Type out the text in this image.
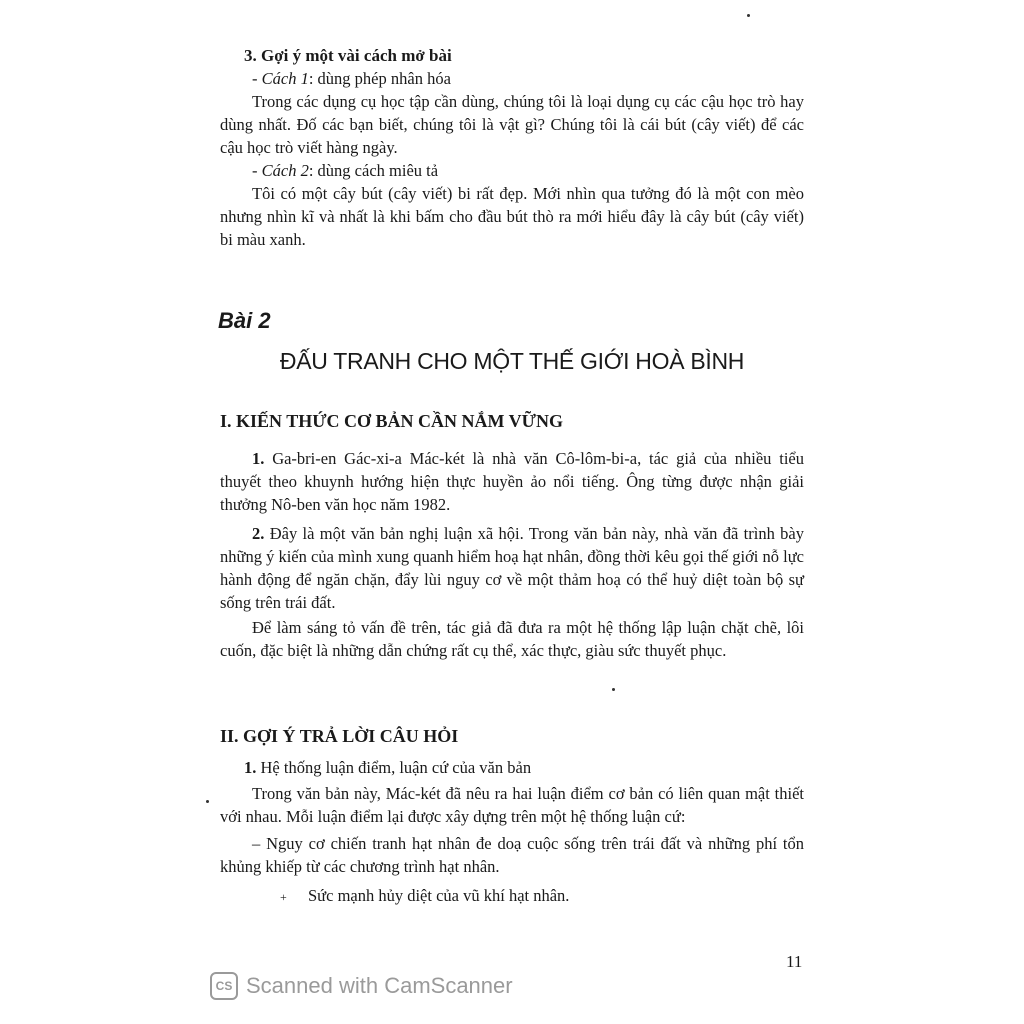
3. Gợi ý một vài cách mở bài

- Cách 1: dùng phép nhân hóa

Trong các dụng cụ học tập cần dùng, chúng tôi là loại dụng cụ các cậu học trò hay dùng nhất. Đố các bạn biết, chúng tôi là vật gì? Chúng tôi là cái bút (cây viết) để các cậu học trò viết hàng ngày.

- Cách 2: dùng cách miêu tả

Tôi có một cây bút (cây viết) bi rất đẹp. Mới nhìn qua tưởng đó là một con mèo nhưng nhìn kĩ và nhất là khi bấm cho đầu bút thò ra mới hiểu đây là cây bút (cây viết) bi màu xanh.

Bài 2
ĐẤU TRANH CHO MỘT THẾ GIỚI HOÀ BÌNH
I. KIẾN THỨC CƠ BẢN CẦN NẮM VỮNG

1. Ga-bri-en Gác-xi-a Mác-két là nhà văn Cô-lôm-bi-a, tác giả của nhiều tiểu thuyết theo khuynh hướng hiện thực huyền ảo nổi tiếng. Ông từng được nhận giải thưởng Nô-ben văn học năm 1982.

2. Đây là một văn bản nghị luận xã hội. Trong văn bản này, nhà văn đã trình bày những ý kiến của mình xung quanh hiểm hoạ hạt nhân, đồng thời kêu gọi thế giới nỗ lực hành động để ngăn chặn, đẩy lùi nguy cơ về một thảm hoạ có thể huỷ diệt toàn bộ sự sống trên trái đất.

Để làm sáng tỏ vấn đề trên, tác giả đã đưa ra một hệ thống lập luận chặt chẽ, lôi cuốn, đặc biệt là những dẫn chứng rất cụ thể, xác thực, giàu sức thuyết phục.

II. GỢI Ý TRẢ LỜI CÂU HỎI

1. Hệ thống luận điểm, luận cứ của văn bản

Trong văn bản này, Mác-két đã nêu ra hai luận điểm cơ bản có liên quan mật thiết với nhau. Mỗi luận điểm lại được xây dựng trên một hệ thống luận cứ:

– Nguy cơ chiến tranh hạt nhân đe doạ cuộc sống trên trái đất và những phí tổn khủng khiếp từ các chương trình hạt nhân.

+ Sức mạnh hủy diệt của vũ khí hạt nhân.

11
CS Scanned with CamScanner
